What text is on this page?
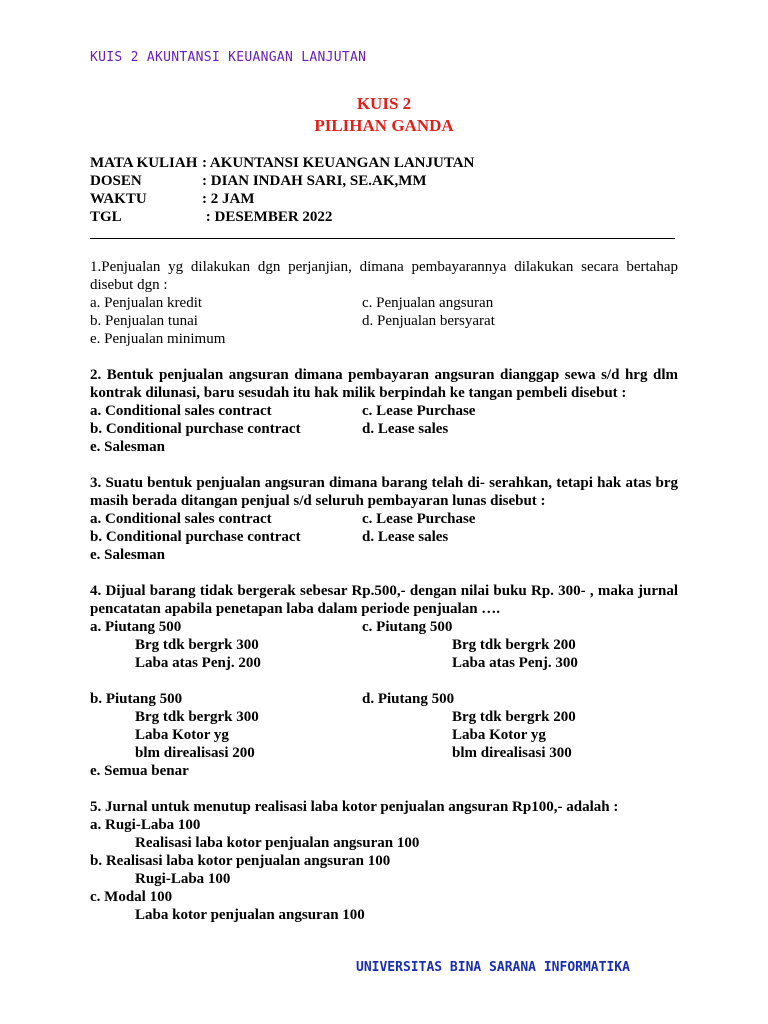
KUIS 2 AKUNTANSI KEUANGAN LANJUTAN
KUIS 2
PILIHAN GANDA
MATA KULIAH : AKUNTANSI KEUANGAN LANJUTAN
DOSEN	: DIAN INDAH SARI, SE.AK,MM
WAKTU	: 2 JAM
TGL	: DESEMBER 2022
1.Penjualan yg dilakukan dgn perjanjian, dimana pembayarannya dilakukan secara bertahap disebut dgn :
a. Penjualan kredit	c. Penjualan angsuran
b. Penjualan tunai	d. Penjualan bersyarat
e. Penjualan minimum
2. Bentuk penjualan angsuran dimana pembayaran angsuran dianggap sewa s/d hrg dlm kontrak dilunasi, baru sesudah itu hak milik berpindah ke tangan pembeli disebut :
a. Conditional sales contract	c. Lease Purchase
b. Conditional purchase contract	d. Lease sales
e. Salesman
3. Suatu bentuk penjualan angsuran dimana barang telah di- serahkan, tetapi hak atas brg masih berada ditangan penjual s/d seluruh pembayaran lunas disebut :
a. Conditional sales contract	c. Lease Purchase
b. Conditional purchase contract	d. Lease sales
e. Salesman
4. Dijual barang tidak bergerak sebesar Rp.500,- dengan nilai buku Rp. 300- , maka jurnal pencatatan apabila penetapan laba dalam periode penjualan ….
a. Piutang 500	c. Piutang 500
Brg tdk bergrk 300	Brg tdk bergrk 200
Laba atas Penj. 200	Laba atas Penj. 300
b. Piutang 500	d. Piutang 500
Brg tdk bergrk 300	Brg tdk bergrk 200
Laba Kotor yg	Laba Kotor yg
blm direalisasi 200	blm direalisasi 300
e. Semua benar
5. Jurnal untuk menutup realisasi laba kotor penjualan angsuran Rp100,- adalah :
a. Rugi-Laba 100
Realisasi laba kotor penjualan angsuran 100
b. Realisasi laba kotor penjualan angsuran 100
Rugi-Laba 100
c. Modal 100
Laba kotor penjualan angsuran 100
UNIVERSITAS BINA SARANA INFORMATIKA
